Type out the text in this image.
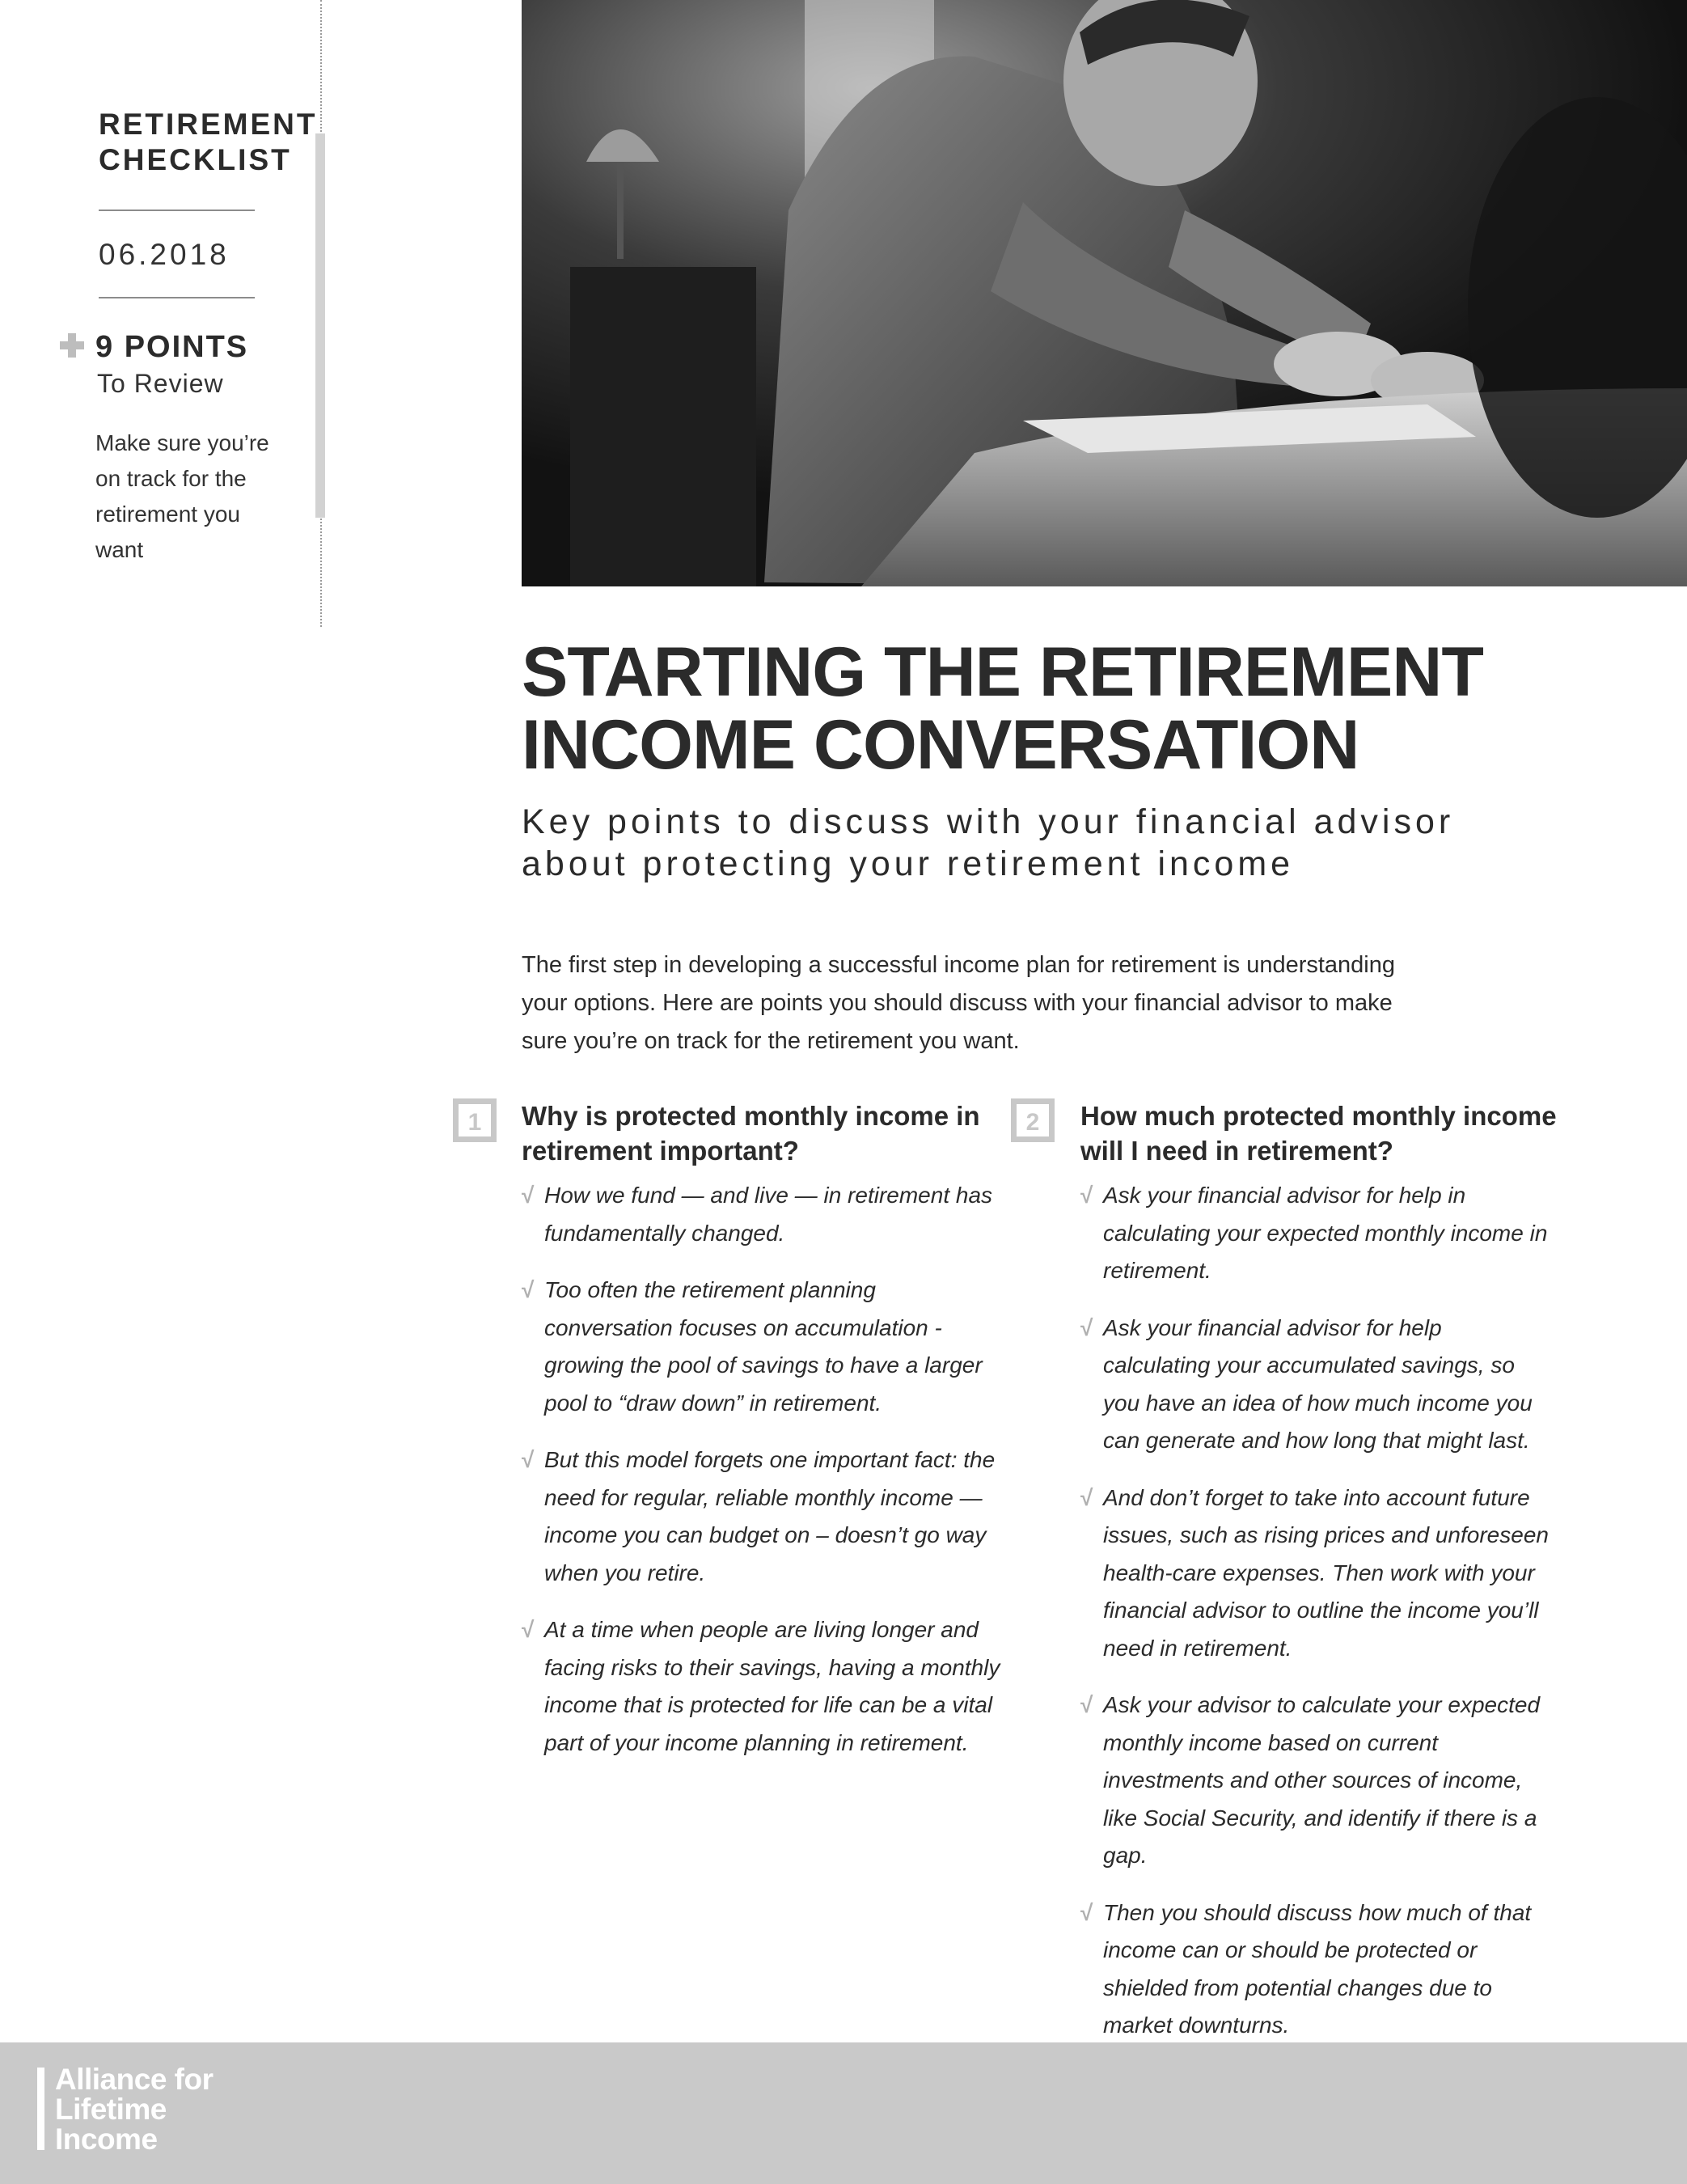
RETIREMENT CHECKLIST
06.2018
9 POINTS
To Review
Make sure you’re on track for the retirement you want
STARTING THE RETIREMENT
INCOME CONVERSATION
Key points to discuss with your financial advisor
about protecting your retirement income
The first step in developing a successful income plan for retirement is understanding your options. Here are points you should discuss with your financial advisor to make sure you’re on track for the retirement you want.
1	Why is protected monthly income in retirement important?
√ How we fund — and live — in retirement has fundamentally changed.
√ Too often the retirement planning conversation focuses on accumulation - growing the pool of savings to have a larger pool to “draw down” in retirement.
√ But this model forgets one important fact: the need for regular, reliable monthly income — income you can budget on – doesn’t go way when you retire.
√ At a time when people are living longer and facing risks to their savings, having a monthly income that is protected for life can be a vital part of your income planning in retirement.
2	How much protected monthly income will I need in retirement?
√ Ask your financial advisor for help in calculating your expected monthly income in retirement.
√ Ask your financial advisor for help calculating your accumulated savings, so you have an idea of how much income you can generate and how long that might last.
√ And don’t forget to take into account future issues, such as rising prices and unforeseen health-care expenses. Then work with your financial advisor to outline the income you’ll need in retirement.
√ Ask your advisor to calculate your expected monthly income based on current investments and other sources of income, like Social Security, and identify if there is a gap.
√ Then you should discuss how much of that income can or should be protected or shielded from potential changes due to market downturns.
Alliance for
Lifetime
Income
